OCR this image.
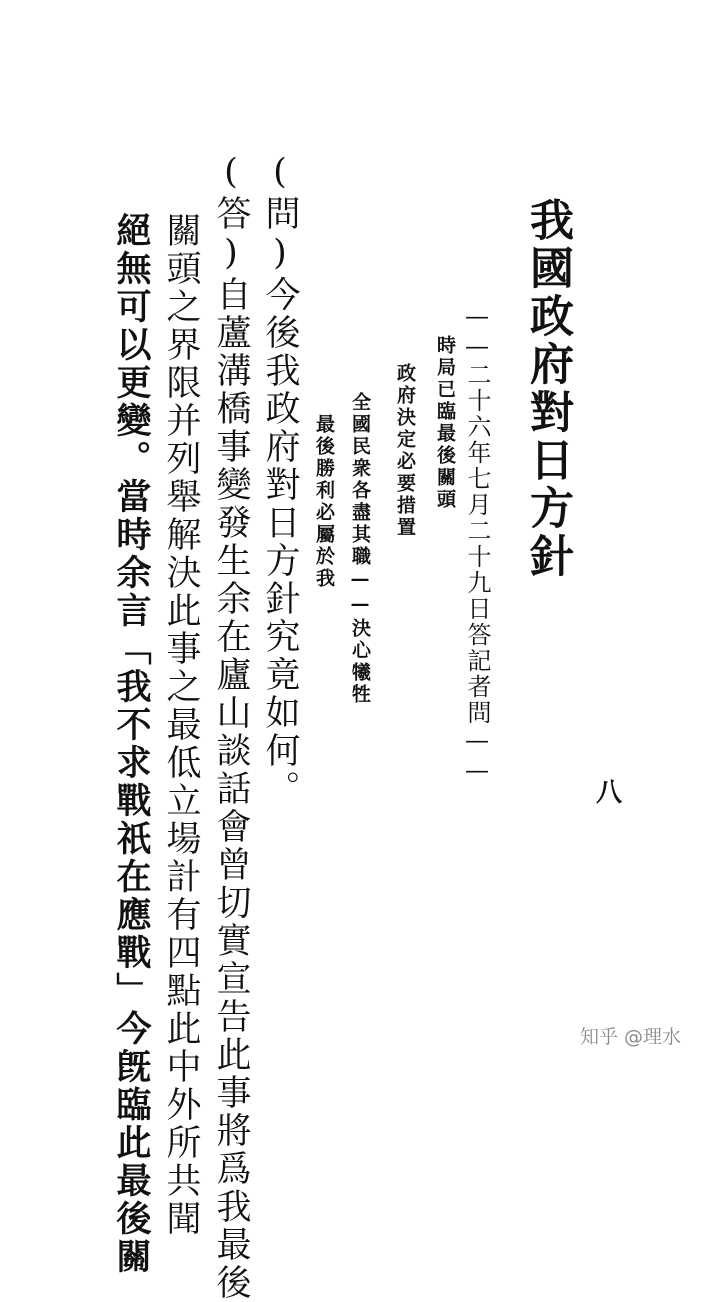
我國政府對日方針
——二十六年七月二十九日答記者問——
時局已臨最後關頭
政府決定必要措置
全國民衆各盡其職——決心犧牲
最後勝利必屬於我
(問)今後我政府對日方針究竟如何。
(答)自蘆溝橋事變發生余在廬山談話會曾切實宣告此事將爲我最後
關頭之界限并列舉解決此事之最低立場計有四點此中外所共聞
絕無可以更變。當時余言「我不求戰祇在應戰」今旣臨此最後關	八
知乎 @理水
